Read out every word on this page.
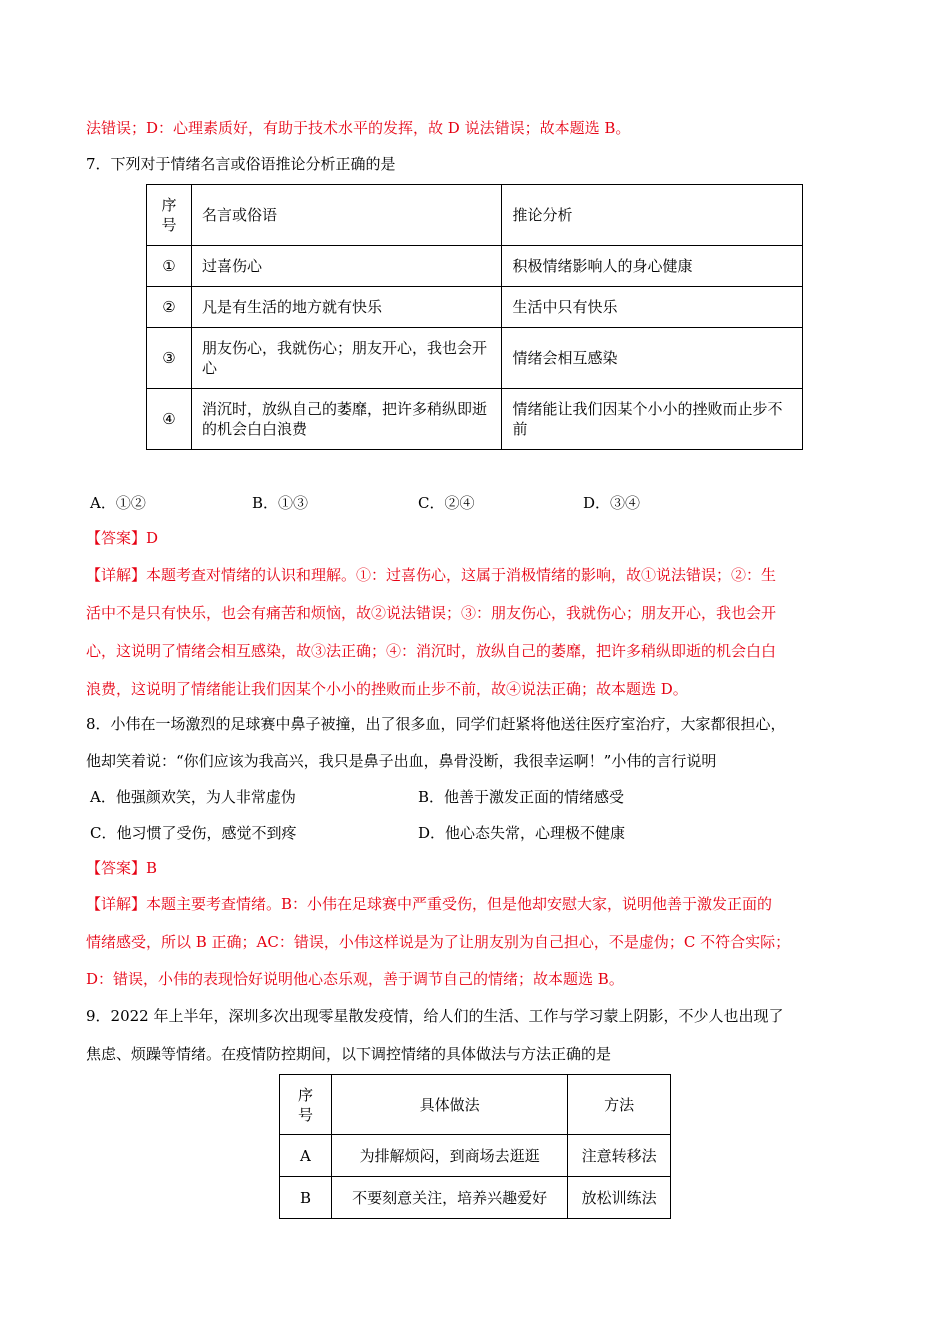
法错误；D：心理素质好，有助于技术水平的发挥，故 D 说法错误；故本题选 B。
7．下列对于情绪名言或俗语推论分析正确的是
序号	名言或俗语	推论分析
①	过喜伤心	积极情绪影响人的身心健康
②	凡是有生活的地方就有快乐	生活中只有快乐
③	朋友伤心，我就伤心；朋友开心，我也会开心	情绪会相互感染
④	消沉时，放纵自己的萎靡，把许多稍纵即逝的机会白白浪费	情绪能让我们因某个小小的挫败而止步不前
A．①②	B．①③	C．②④	D．③④
【答案】D
【详解】本题考查对情绪的认识和理解。①：过喜伤心，这属于消极情绪的影响，故①说法错误；②：生
活中不是只有快乐，也会有痛苦和烦恼，故②说法错误；③：朋友伤心，我就伤心；朋友开心，我也会开
心，这说明了情绪会相互感染，故③法正确；④：消沉时，放纵自己的萎靡，把许多稍纵即逝的机会白白
浪费，这说明了情绪能让我们因某个小小的挫败而止步不前，故④说法正确；故本题选 D。
8．小伟在一场激烈的足球赛中鼻子被撞，出了很多血，同学们赶紧将他送往医疗室治疗，大家都很担心，
他却笑着说：“你们应该为我高兴，我只是鼻子出血，鼻骨没断，我很幸运啊！”小伟的言行说明
A．他强颜欢笑，为人非常虚伪	B．他善于激发正面的情绪感受
C．他习惯了受伤，感觉不到疼	D．他心态失常，心理极不健康
【答案】B
【详解】本题主要考查情绪。B：小伟在足球赛中严重受伤，但是他却安慰大家，说明他善于激发正面的
情绪感受，所以 B 正确；AC：错误，小伟这样说是为了让朋友别为自己担心，不是虚伪；C 不符合实际；
D：错误，小伟的表现恰好说明他心态乐观，善于调节自己的情绪；故本题选 B。
9．2022 年上半年，深圳多次出现零星散发疫情，给人们的生活、工作与学习蒙上阴影，不少人也出现了
焦虑、烦躁等情绪。在疫情防控期间，以下调控情绪的具体做法与方法正确的是
序号	具体做法	方法
A	为排解烦闷，到商场去逛逛	注意转移法
B	不要刻意关注，培养兴趣爱好	放松训练法
